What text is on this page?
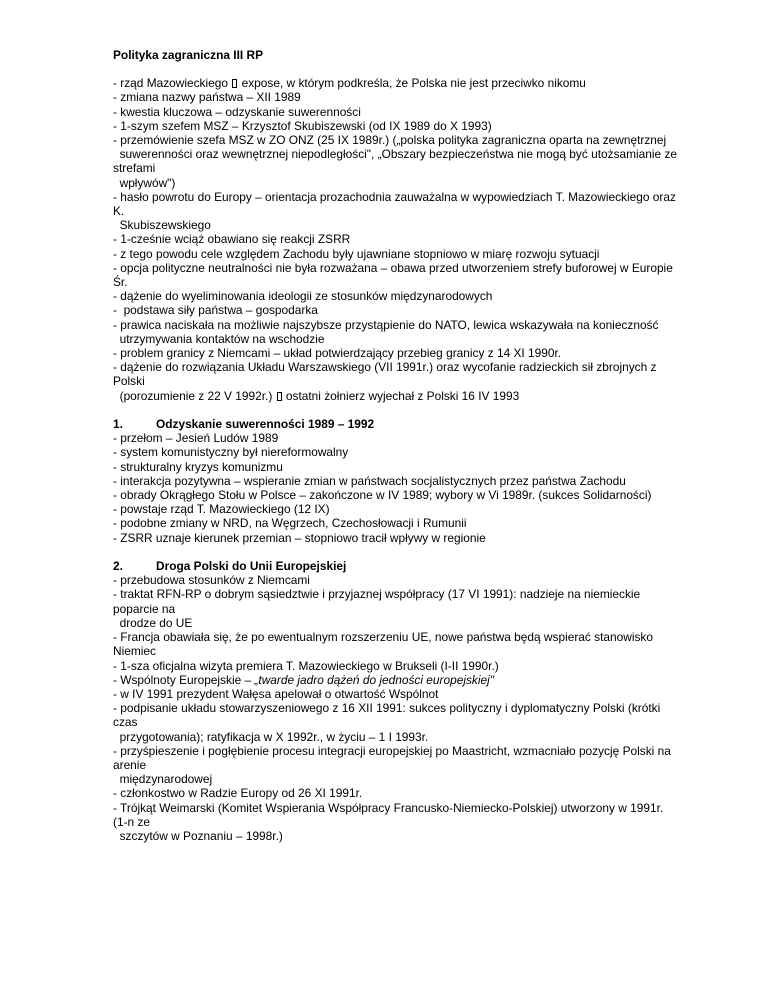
Polityka zagraniczna III RP
- rząd Mazowieckiego  expose, w którym podkreśla, że Polska nie jest przeciwko nikomu
- zmiana nazwy państwa – XII 1989
- kwestia kluczowa – odzyskanie suwerenności
- 1-szym szefem MSZ – Krzysztof Skubiszewski (od IX 1989 do X 1993)
- przemówienie szefa MSZ w ZO ONZ (25 IX 1989r.) („polska polityka zagraniczna oparta na zewnętrznej
suwerenności oraz wewnętrznej niepodległości", „Obszary bezpieczeństwa nie mogą być utożsamianie ze
strefami
wpływów")
- hasło powrotu do Europy – orientacja prozachodnia zauważalna w wypowiedziach T. Mazowieckiego oraz
K.
Skubiszewskiego
- 1-cześnie wciąż obawiano się reakcji ZSRR
- z tego powodu cele względem Zachodu były ujawniane stopniowo w miarę rozwoju sytuacji
- opcja polityczne neutralności nie była rozważana – obawa przed utworzeniem strefy buforowej w Europie
Śr.
- dążenie do wyeliminowania ideologii ze stosunków międzynarodowych
-  podstawa siły państwa – gospodarka
- prawica naciskała na możliwie najszybsze przystąpienie do NATO, lewica wskazywała na konieczność
utrzymywania kontaktów na wschodzie
- problem granicy z Niemcami – układ potwierdzający przebieg granicy z 14 XI 1990r.
- dążenie do rozwiązania Układu Warszawskiego (VII 1991r.) oraz wycofanie radzieckich sił zbrojnych z
Polski
(porozumienie z 22 V 1992r.)  ostatni żołnierz wyjechał z Polski 16 IV 1993
1.	Odzyskanie suwerenności 1989 – 1992
- przełom – Jesień Ludów 1989
- system komunistyczny był niereformowalny
- strukturalny kryzys komunizmu
- interakcja pozytywna – wspieranie zmian w państwach socjalistycznych przez państwa Zachodu
- obrady Okrągłego Stołu w Polsce – zakończone w IV 1989; wybory w Vi 1989r. (sukces Solidarności)
- powstaje rząd T. Mazowieckiego (12 IX)
- podobne zmiany w NRD, na Węgrzech, Czechosłowacji i Rumunii
- ZSRR uznaje kierunek przemian – stopniowo tracił wpływy w regionie
2.	Droga Polski do Unii Europejskiej
- przebudowa stosunków z Niemcami
- traktat RFN-RP o dobrym sąsiedztwie i przyjaznej współpracy (17 VI 1991): nadzieje na niemieckie
poparcie na
drodze do UE
- Francja obawiała się, że po ewentualnym rozszerzeniu UE, nowe państwa będą wspierać stanowisko
Niemiec
- 1-sza oficjalna wizyta premiera T. Mazowieckiego w Brukseli (I-II 1990r.)
- Wspólnoty Europejskie – „twarde jadro dążeń do jedności europejskiej"
- w IV 1991 prezydent Wałęsa apelował o otwartość Wspólnot
- podpisanie układu stowarzyszeniowego z 16 XII 1991: sukces polityczny i dyplomatyczny Polski (krótki
czas
przygotowania); ratyfikacja w X 1992r., w życiu – 1 I 1993r.
- przyśpieszenie i pogłębienie procesu integracji europejskiej po Maastricht, wzmacniało pozycję Polski na
arenie
międzynarodowej
- członkostwo w Radzie Europy od 26 XI 1991r.
- Trójkąt Weimarski (Komitet Wspierania Współpracy Francusko-Niemiecko-Polskiej) utworzony w 1991r.
(1-n ze
szczytów w Poznaniu – 1998r.)
